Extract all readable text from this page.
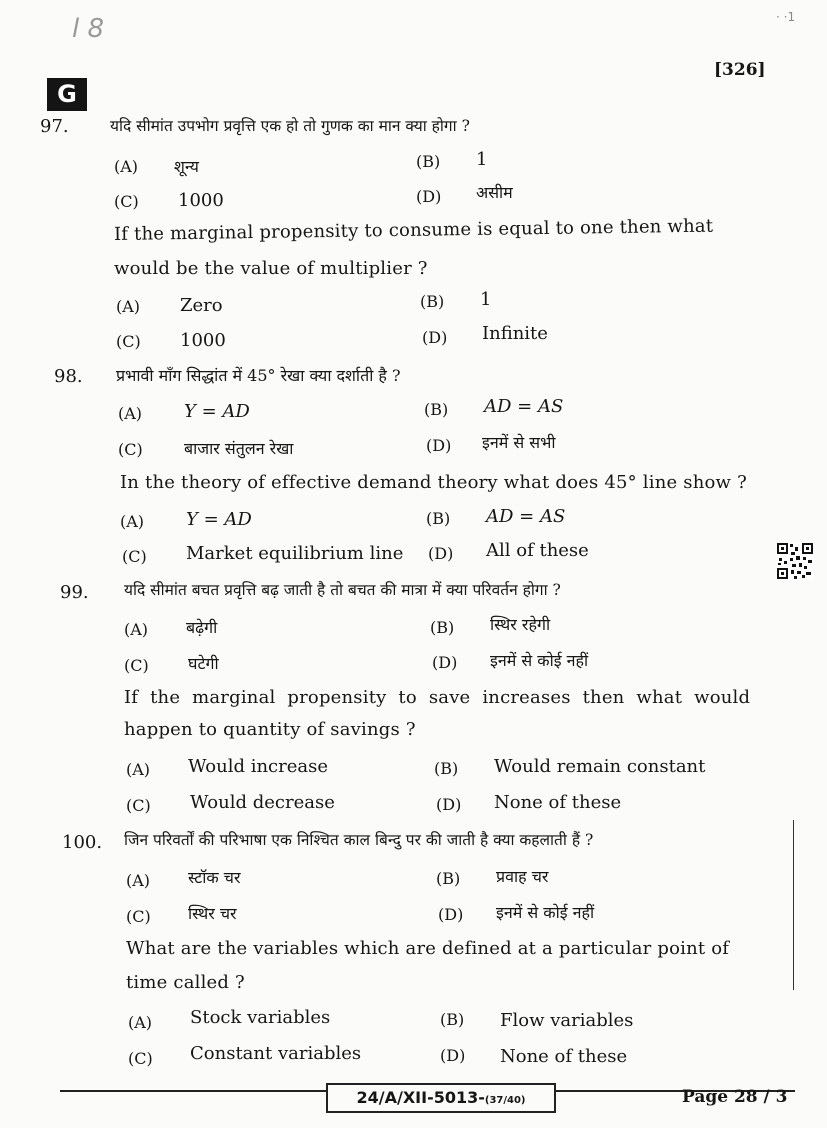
l 8	· ·1
[326]
G
97.	यदि सीमांत उपभोग प्रवृत्ति एक हो तो गुणक का मान क्या होगा ?
(A) शून्य	(B) 1
(C) 1000	(D) असीम
If the marginal propensity to consume is equal to one then what
would be the value of multiplier ?
(A) Zero	(B) 1
(C) 1000	(D) Infinite
98. प्रभावी माँग सिद्धांत में 45° रेखा क्या दर्शाती है ?
(A) Y = AD	(B) AD = AS
(C)	बाजार संतुलन रेखा	(D) इनमें से सभी
In the theory of effective demand theory what does 45° line show ?
(A) Y = AD	(B) AD = AS
(C) Market equilibrium line (D) All of these
99. यदि सीमांत बचत प्रवृत्ति बढ़ जाती है तो बचत की मात्रा में क्या परिवर्तन होगा ?
(A) बढ़ेगी	(B) स्थिर रहेगी
(C) घटेगी	(D) इनमें से कोई नहीं
If the marginal propensity to save increases then what would
happen to quantity of savings ?
(A) Would increase	(B) Would remain constant
(C) Would decrease	(D) None of these
100. जिन परिवर्तों की परिभाषा एक निश्चित काल बिन्दु पर की जाती है क्या कहलाती हैं ?
(A) स्टॉक चर	(B) प्रवाह चर
(C) स्थिर चर	(D) इनमें से कोई नहीं
What are the variables which are defined at a particular point of
time called ?
(A) Stock variables	(B) Flow variables
(C) Constant variables	(D) None of these
24/A/XII-5013-(37/40)	Page 28 / 3
